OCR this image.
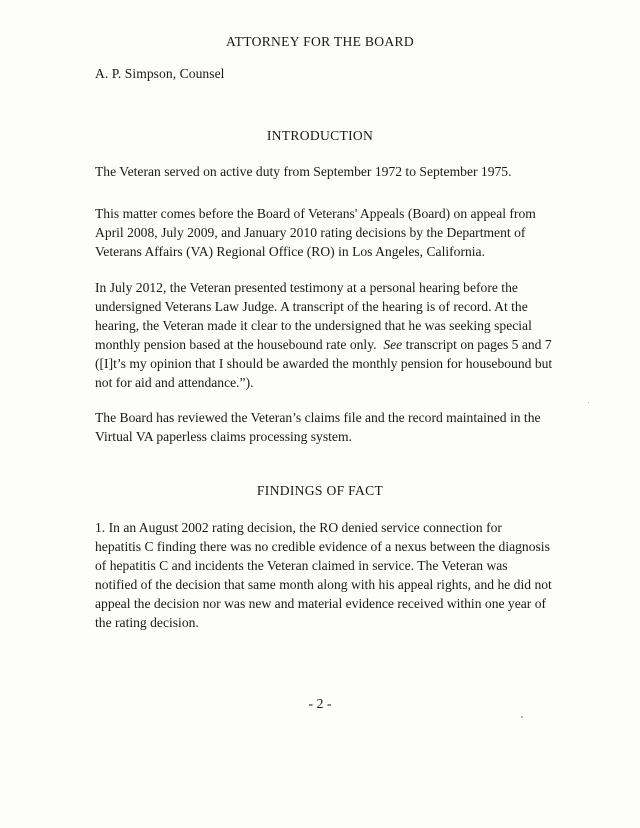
ATTORNEY FOR THE BOARD
A. P. Simpson, Counsel
INTRODUCTION
The Veteran served on active duty from September 1972 to September 1975.
This matter comes before the Board of Veterans' Appeals (Board) on appeal from
April 2008, July 2009, and January 2010 rating decisions by the Department of
Veterans Affairs (VA) Regional Office (RO) in Los Angeles, California.
In July 2012, the Veteran presented testimony at a personal hearing before the
undersigned Veterans Law Judge. A transcript of the hearing is of record. At the
hearing, the Veteran made it clear to the undersigned that he was seeking special
monthly pension based at the housebound rate only.  See transcript on pages 5 and 7
([I]t’s my opinion that I should be awarded the monthly pension for housebound but
not for aid and attendance.”).
The Board has reviewed the Veteran’s claims file and the record maintained in the
Virtual VA paperless claims processing system.
FINDINGS OF FACT
1. In an August 2002 rating decision, the RO denied service connection for
hepatitis C finding there was no credible evidence of a nexus between the diagnosis
of hepatitis C and incidents the Veteran claimed in service. The Veteran was
notified of the decision that same month along with his appeal rights, and he did not
appeal the decision nor was new and material evidence received within one year of
the rating decision.
- 2 -
